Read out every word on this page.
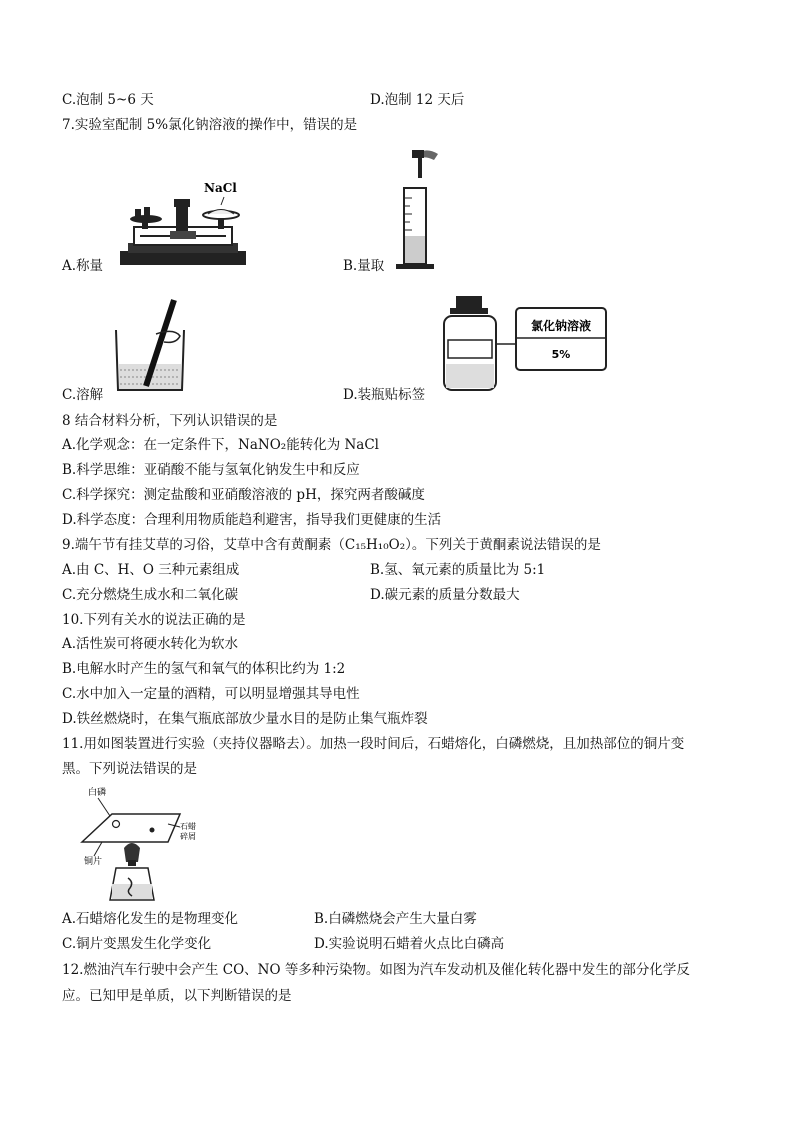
C.泡制 5~6 天	D.泡制 12 天后
7.实验室配制 5%氯化钠溶液的操作中，错误的是
NaCl
A.称量	B.量取
氯化钠溶液
5%
C.溶解	D.装瓶贴标签
8 结合材料分析，下列认识错误的是
A.化学观念：在一定条件下，NaNO₂能转化为 NaCl
B.科学思维：亚硝酸不能与氢氧化钠发生中和反应
C.科学探究：测定盐酸和亚硝酸溶液的 pH，探究两者酸碱度
D.科学态度：合理利用物质能趋利避害，指导我们更健康的生活
9.端午节有挂艾草的习俗，艾草中含有黄酮素（C₁₅H₁₀O₂）。下列关于黄酮素说法错误的是
A.由 C、H、O 三种元素组成	B.氢、氧元素的质量比为 5:1
C.充分燃烧生成水和二氧化碳	D.碳元素的质量分数最大
10.下列有关水的说法正确的是
A.活性炭可将硬水转化为软水
B.电解水时产生的氢气和氧气的体积比约为 1:2
C.水中加入一定量的酒精，可以明显增强其导电性
D.铁丝燃烧时，在集气瓶底部放少量水目的是防止集气瓶炸裂
11.用如图装置进行实验（夹持仪器略去）。加热一段时间后，石蜡熔化，白磷燃烧，且加热部位的铜片变
黑。下列说法错误的是
白磷
石蜡
碎屑
铜片
A.石蜡熔化发生的是物理变化	B.白磷燃烧会产生大量白雾
C.铜片变黑发生化学变化	D.实验说明石蜡着火点比白磷高
12.燃油汽车行驶中会产生 CO、NO 等多种污染物。如图为汽车发动机及催化转化器中发生的部分化学反
应。已知甲是单质，以下判断错误的是
